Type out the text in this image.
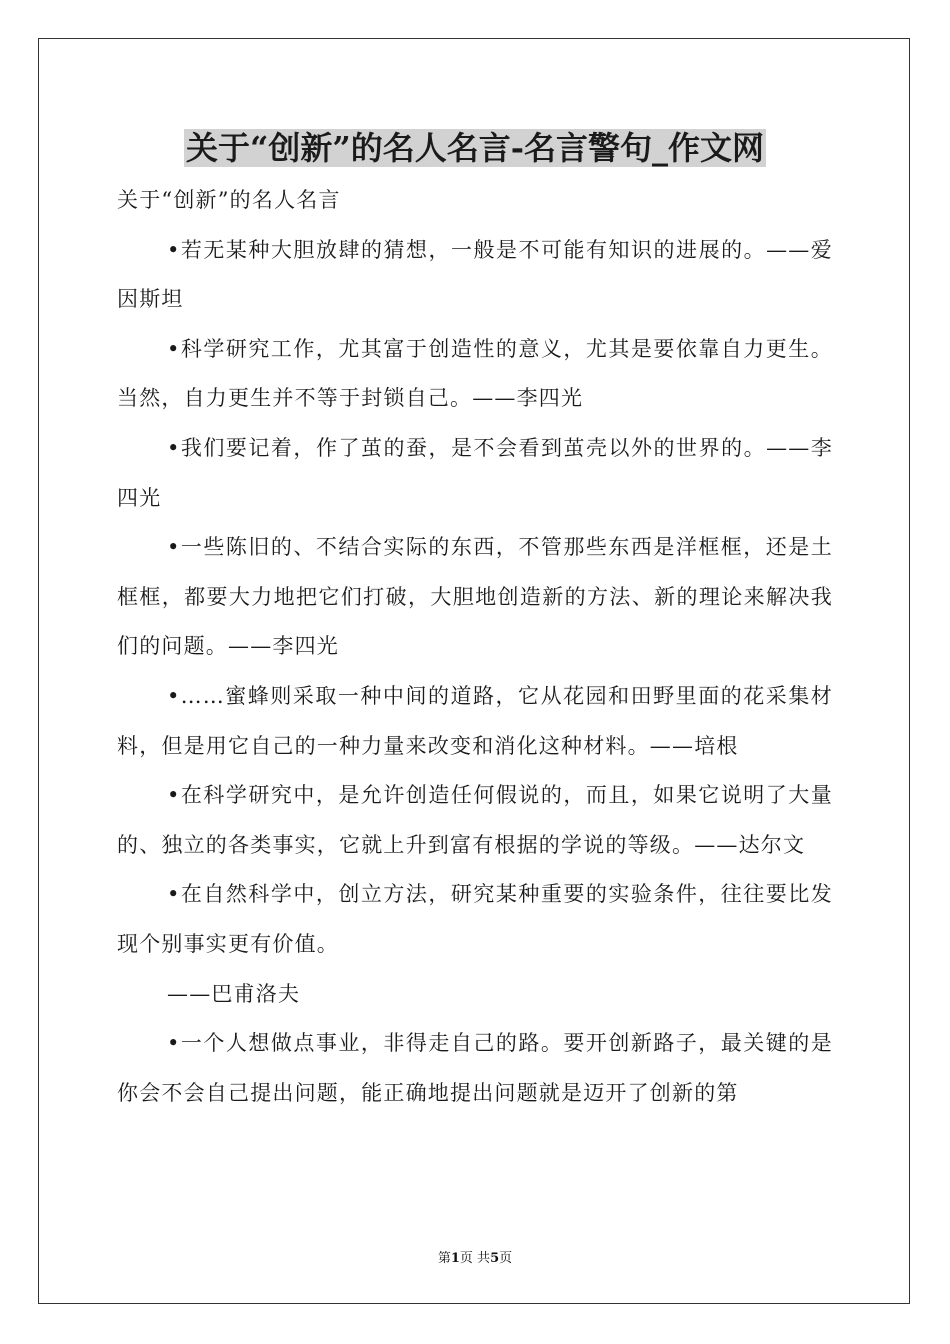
关于“创新”的名人名言-名言警句_作文网

关于“创新”的名人名言

•若无某种大胆放肆的猜想，一般是不可能有知识的进展的。——爱因斯坦

•科学研究工作，尤其富于创造性的意义，尤其是要依靠自力更生。当然，自力更生并不等于封锁自己。——李四光

•我们要记着，作了茧的蚕，是不会看到茧壳以外的世界的。——李四光

•一些陈旧的、不结合实际的东西，不管那些东西是洋框框，还是土框框，都要大力地把它们打破，大胆地创造新的方法、新的理论来解决我们的问题。——李四光

•……蜜蜂则采取一种中间的道路，它从花园和田野里面的花采集材料，但是用它自己的一种力量来改变和消化这种材料。——培根

•在科学研究中，是允许创造任何假说的，而且，如果它说明了大量的、独立的各类事实，它就上升到富有根据的学说的等级。——达尔文

•在自然科学中，创立方法，研究某种重要的实验条件，往往要比发现个别事实更有价值。

——巴甫洛夫

•一个人想做点事业，非得走自己的路。要开创新路子，最关键的是你会不会自己提出问题，能正确地提出问题就是迈开了创新的第

第1页 共5页
